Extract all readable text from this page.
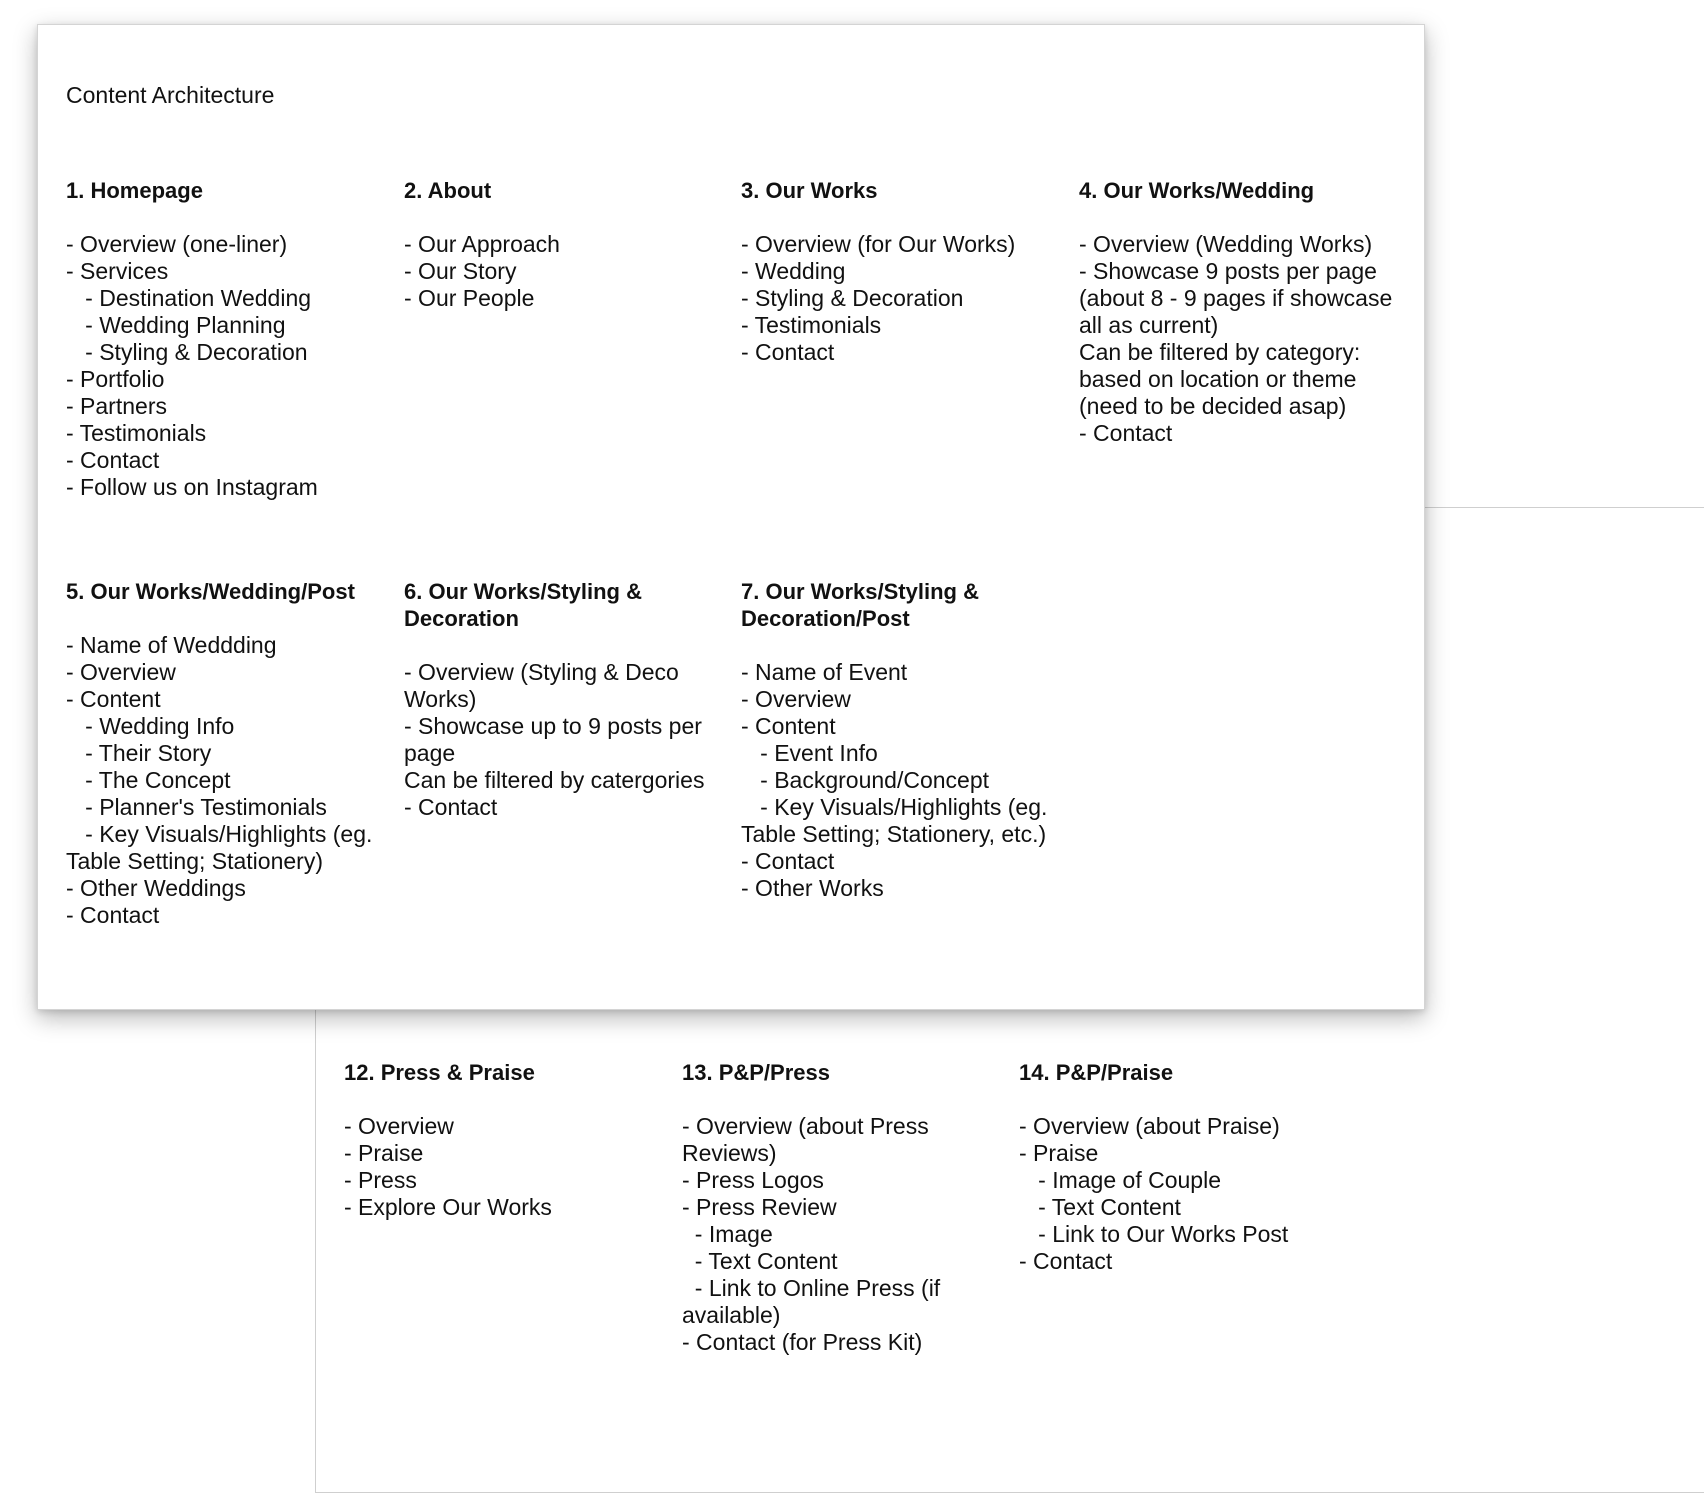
12. Press & Praise
- Overview
- Praise
- Press
- Explore Our Works
13. P&P/Press
- Overview (about Press Reviews)
- Press Logos
- Press Review
- Image
- Text Content
- Link to Online Press (if available)
- Contact (for Press Kit)
14. P&P/Praise
- Overview (about Praise)
- Praise
- Image of Couple
- Text Content
- Link to Our Works Post
- Contact
Content Architecture
1. Homepage
- Overview (one-liner)
- Services
- Destination Wedding
- Wedding Planning
- Styling & Decoration
- Portfolio
- Partners
- Testimonials
- Contact
- Follow us on Instagram
2. About
- Our Approach
- Our Story
- Our People
3. Our Works
- Overview (for Our Works)
- Wedding
- Styling & Decoration
- Testimonials
- Contact
4. Our Works/Wedding
- Overview (Wedding Works)
- Showcase 9 posts per page (about 8 - 9 pages if showcase all as current)
Can be filtered by category: based on location or theme (need to be decided asap)
- Contact
5. Our Works/Wedding/Post
- Name of Weddding
- Overview
- Content
- Wedding Info
- Their Story
- The Concept
- Planner's Testimonials
- Key Visuals/Highlights (eg. Table Setting; Stationery)
- Other Weddings
- Contact
6. Our Works/Styling & Decoration
- Overview (Styling & Deco Works)
- Showcase up to 9 posts per page
Can be filtered by catergories
- Contact
7. Our Works/Styling & Decoration/Post
- Name of Event
- Overview
- Content
- Event Info
- Background/Concept
- Key Visuals/Highlights (eg. Table Setting; Stationery, etc.)
- Contact
- Other Works
